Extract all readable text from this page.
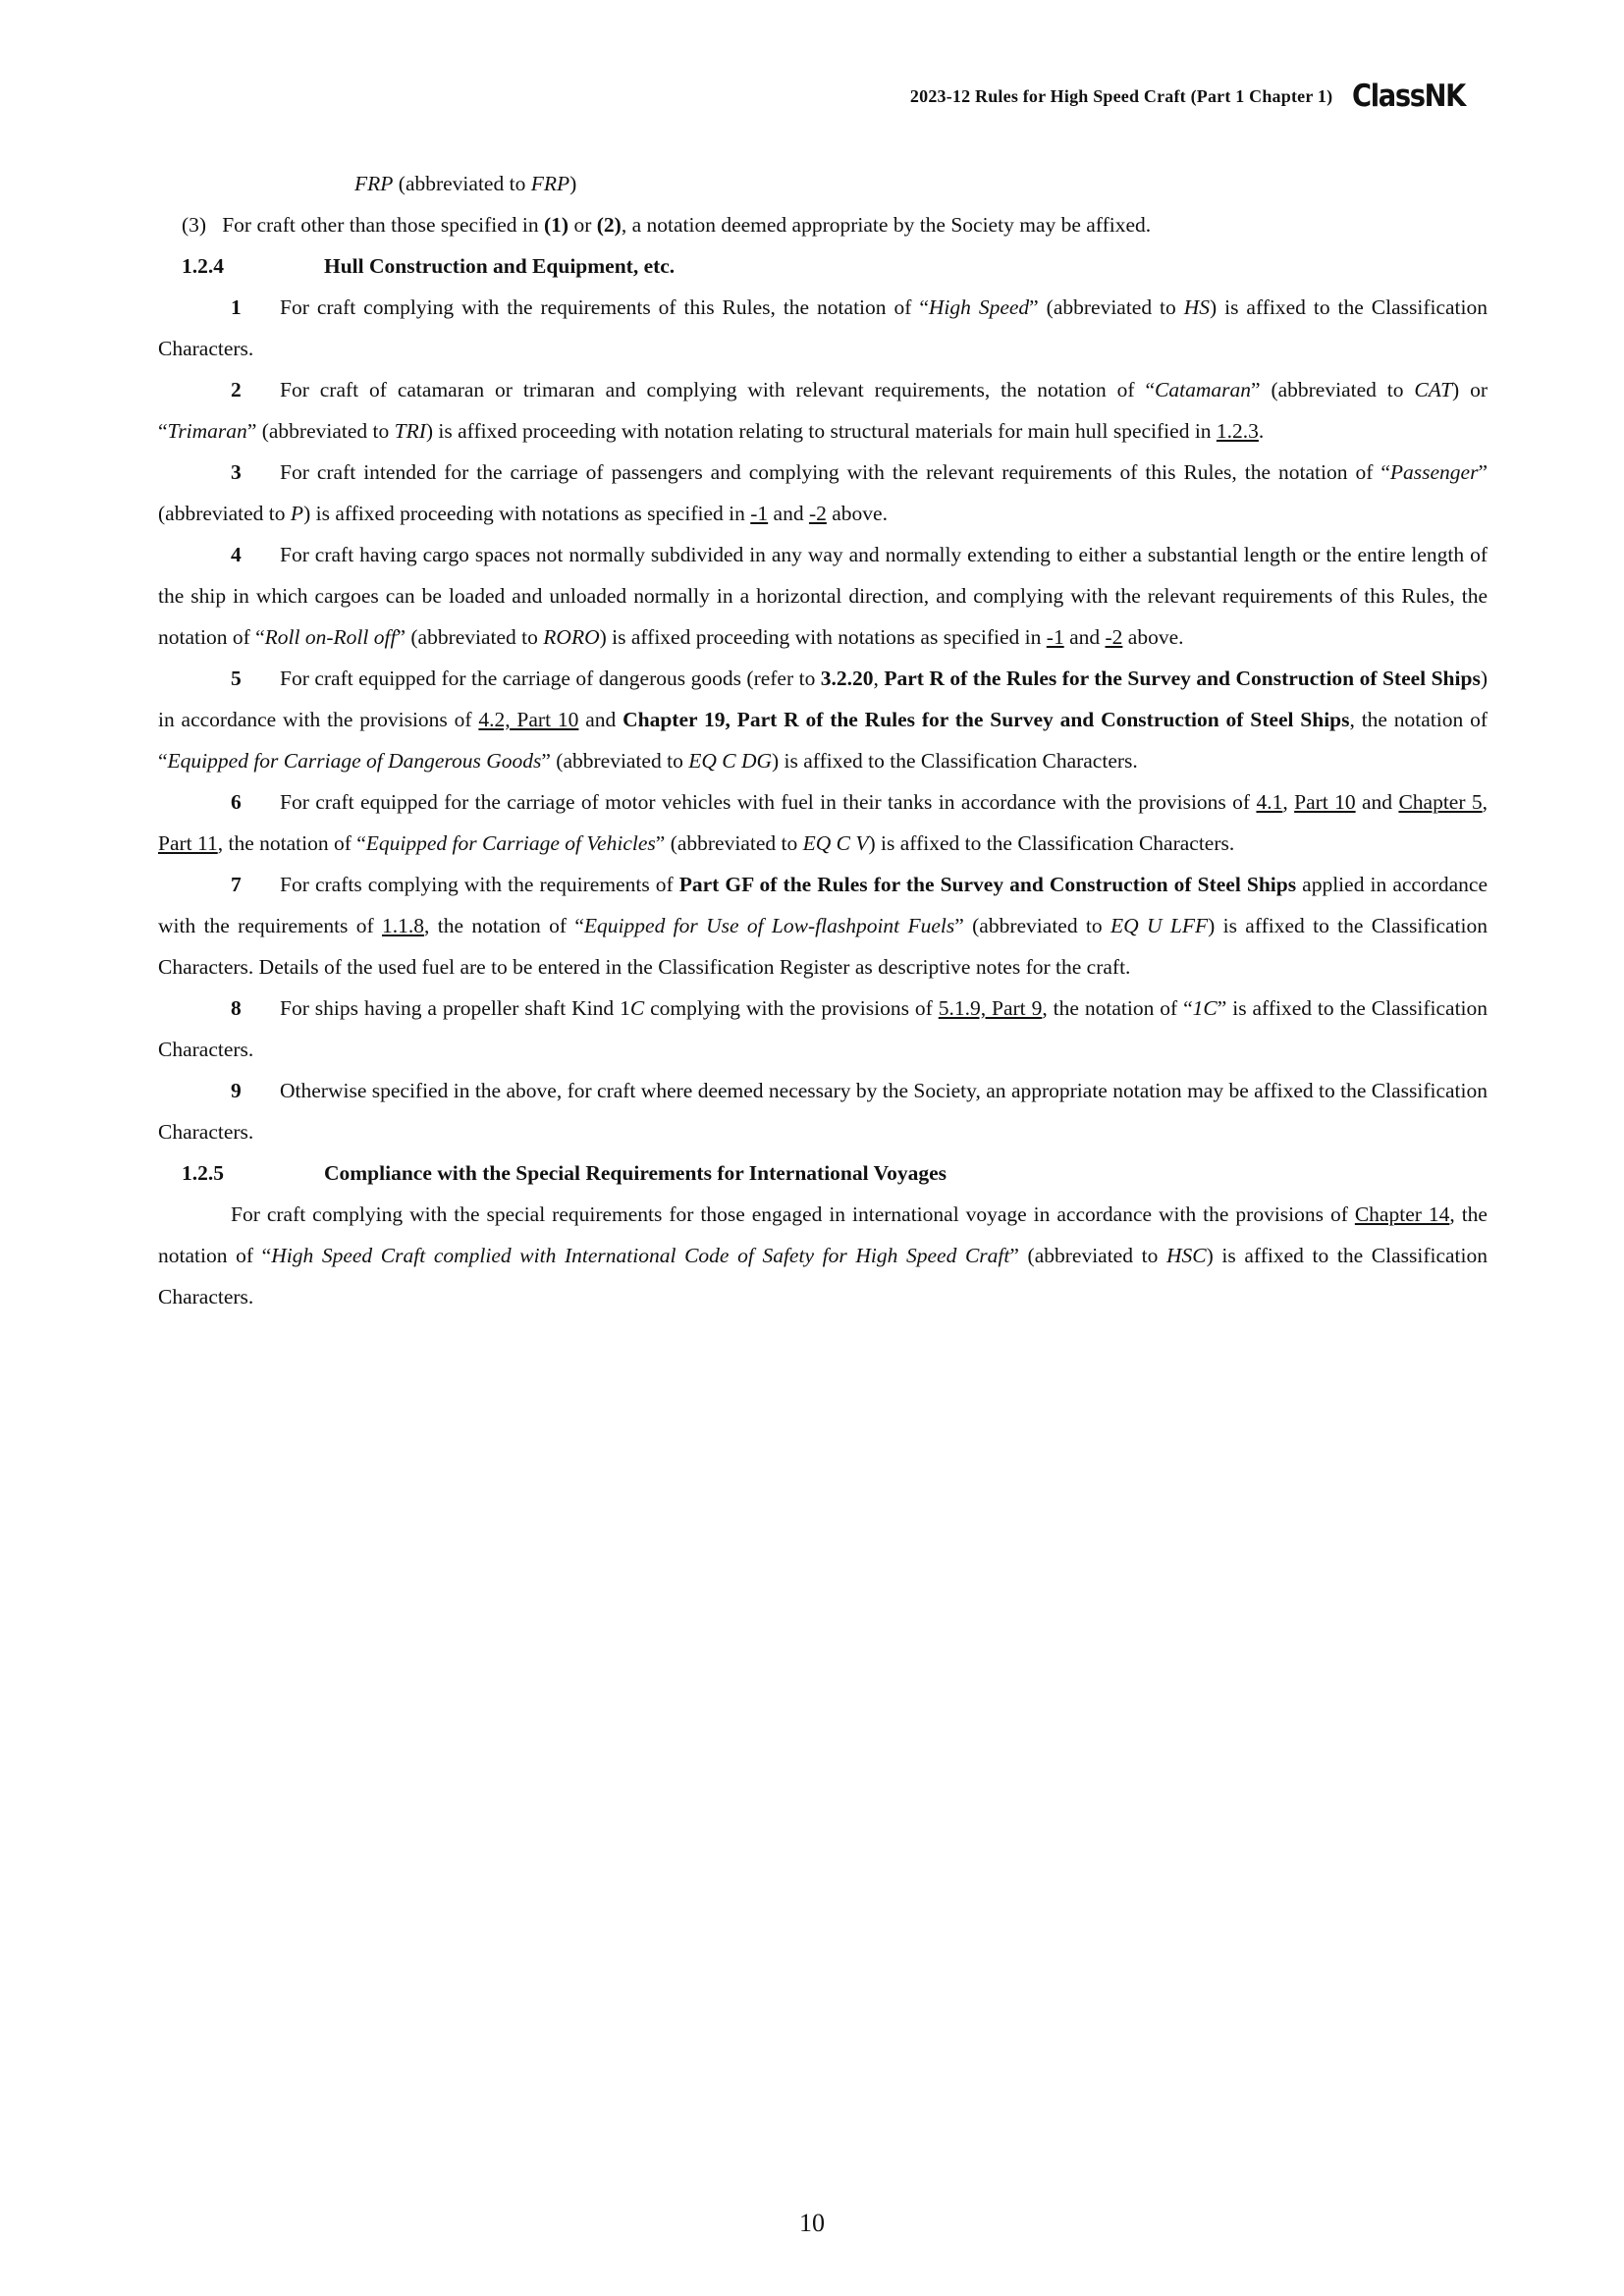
2023-12 Rules for High Speed Craft (Part 1 Chapter 1) ClassNK

FRP (abbreviated to FRP)

(3) For craft other than those specified in (1) or (2), a notation deemed appropriate by the Society may be affixed.

1.2.4	Hull Construction and Equipment, etc.

1 For craft complying with the requirements of this Rules, the notation of “High Speed” (abbreviated to HS) is affixed to the Classification Characters.

2 For craft of catamaran or trimaran and complying with relevant requirements, the notation of “Catamaran” (abbreviated to CAT) or “Trimaran” (abbreviated to TRI) is affixed proceeding with notation relating to structural materials for main hull specified in 1.2.3.

3 For craft intended for the carriage of passengers and complying with the relevant requirements of this Rules, the notation of “Passenger” (abbreviated to P) is affixed proceeding with notations as specified in -1 and -2 above.

4 For craft having cargo spaces not normally subdivided in any way and normally extending to either a substantial length or the entire length of the ship in which cargoes can be loaded and unloaded normally in a horizontal direction, and complying with the relevant requirements of this Rules, the notation of “Roll on-Roll off” (abbreviated to RORO) is affixed proceeding with notations as specified in -1 and -2 above.

5 For craft equipped for the carriage of dangerous goods (refer to 3.2.20, Part R of the Rules for the Survey and Construction of Steel Ships) in accordance with the provisions of 4.2, Part 10 and Chapter 19, Part R of the Rules for the Survey and Construction of Steel Ships, the notation of “Equipped for Carriage of Dangerous Goods” (abbreviated to EQ C DG) is affixed to the Classification Characters.

6 For craft equipped for the carriage of motor vehicles with fuel in their tanks in accordance with the provisions of 4.1, Part 10 and Chapter 5, Part 11, the notation of “Equipped for Carriage of Vehicles” (abbreviated to EQ C V) is affixed to the Classification Characters.

7 For crafts complying with the requirements of Part GF of the Rules for the Survey and Construction of Steel Ships applied in accordance with the requirements of 1.1.8, the notation of “Equipped for Use of Low-flashpoint Fuels” (abbreviated to EQ U LFF) is affixed to the Classification Characters. Details of the used fuel are to be entered in the Classification Register as descriptive notes for the craft.

8 For ships having a propeller shaft Kind 1C complying with the provisions of 5.1.9, Part 9, the notation of “1C” is affixed to the Classification Characters.

9 Otherwise specified in the above, for craft where deemed necessary by the Society, an appropriate notation may be affixed to the Classification Characters.

1.2.5	Compliance with the Special Requirements for International Voyages

For craft complying with the special requirements for those engaged in international voyage in accordance with the provisions of Chapter 14, the notation of “High Speed Craft complied with International Code of Safety for High Speed Craft” (abbreviated to HSC) is affixed to the Classification Characters.

10
